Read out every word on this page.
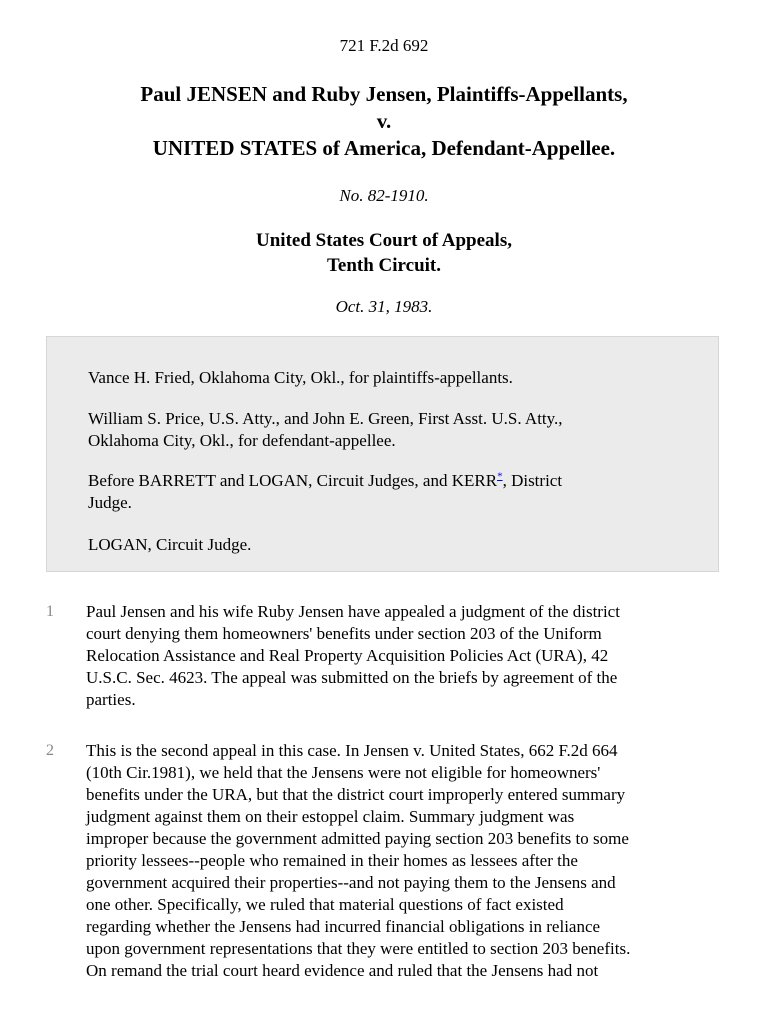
721 F.2d 692
Paul JENSEN and Ruby Jensen, Plaintiffs-Appellants,
v.
UNITED STATES of America, Defendant-Appellee.
No. 82-1910.
United States Court of Appeals,
Tenth Circuit.
Oct. 31, 1983.

Vance H. Fried, Oklahoma City, Okl., for plaintiffs-appellants.

William S. Price, U.S. Atty., and John E. Green, First Asst. U.S. Atty.,
Oklahoma City, Okl., for defendant-appellee.

Before BARRETT and LOGAN, Circuit Judges, and KERR*, District
Judge.

LOGAN, Circuit Judge.

1 Paul Jensen and his wife Ruby Jensen have appealed a judgment of the district
court denying them homeowners' benefits under section 203 of the Uniform
Relocation Assistance and Real Property Acquisition Policies Act (URA), 42
U.S.C. Sec. 4623. The appeal was submitted on the briefs by agreement of the
parties.

2 This is the second appeal in this case. In Jensen v. United States, 662 F.2d 664
(10th Cir.1981), we held that the Jensens were not eligible for homeowners'
benefits under the URA, but that the district court improperly entered summary
judgment against them on their estoppel claim. Summary judgment was
improper because the government admitted paying section 203 benefits to some
priority lessees--people who remained in their homes as lessees after the
government acquired their properties--and not paying them to the Jensens and
one other. Specifically, we ruled that material questions of fact existed
regarding whether the Jensens had incurred financial obligations in reliance
upon government representations that they were entitled to section 203 benefits.
On remand the trial court heard evidence and ruled that the Jensens had not
